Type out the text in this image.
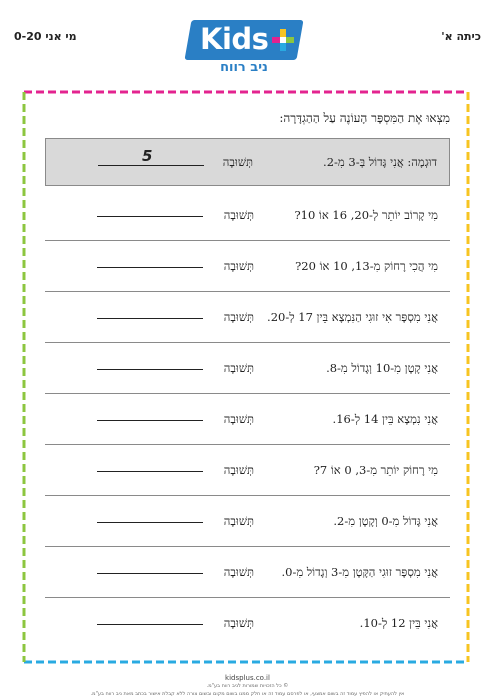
מי אני 0-20	כיתה א'
Kids
ניב רווח
מִצְאוּ אֶת הַמִּסְפָּר הָעוֹנֶה עַל הַהַגְדָּרָה:
דוּגְמָה: אֲנִי גָּדוֹל בְּ-3 מִ-2.
תְּשׁוּבָה
5
מִי קָרוֹב יוֹתֵר לְ-20, 16 אוֹ 10?
תְּשׁוּבָה
מִי הֲכִי רָחוֹק מִ-13, 10 אוֹ 20?
תְּשׁוּבָה
אֲנִי מִסְפָּר אִי זוּגִי הַנִּמְצָא בֵּין 17 לְ-20.
תְּשׁוּבָה
אֲנִי קָטָן מִ-10 וְגָדוֹל מִ-8.
תְּשׁוּבָה
אֲנִי נִמְצָא בֵּין 14 לְ-16.
תְּשׁוּבָה
מִי רָחוֹק יוֹתֵר מִ-3, 0 אוֹ 7?
תְּשׁוּבָה
אֲנִי גָּדוֹל מִ-0 וְקָטָן מִ-2.
תְּשׁוּבָה
אֲנִי מִסְפָּר זוּגִי הַקָּטָן מִ-3 וְגָדוֹל מִ-0.
תְּשׁוּבָה
אֲנִי בֵּין 12 לְ-10.
תְּשׁוּבָה
kidsplus.co.il
© כל הזכויות שמורות לניב רווח בע"מ.
אין להעתיק או להפיץ עמוד זה בשום אמצעי, או לפרסם עמוד זה או חלק ממנו בשום מקום ובשום צורה ללא קבלת אישור בכתב מאת ניב רווח בע"מ.
